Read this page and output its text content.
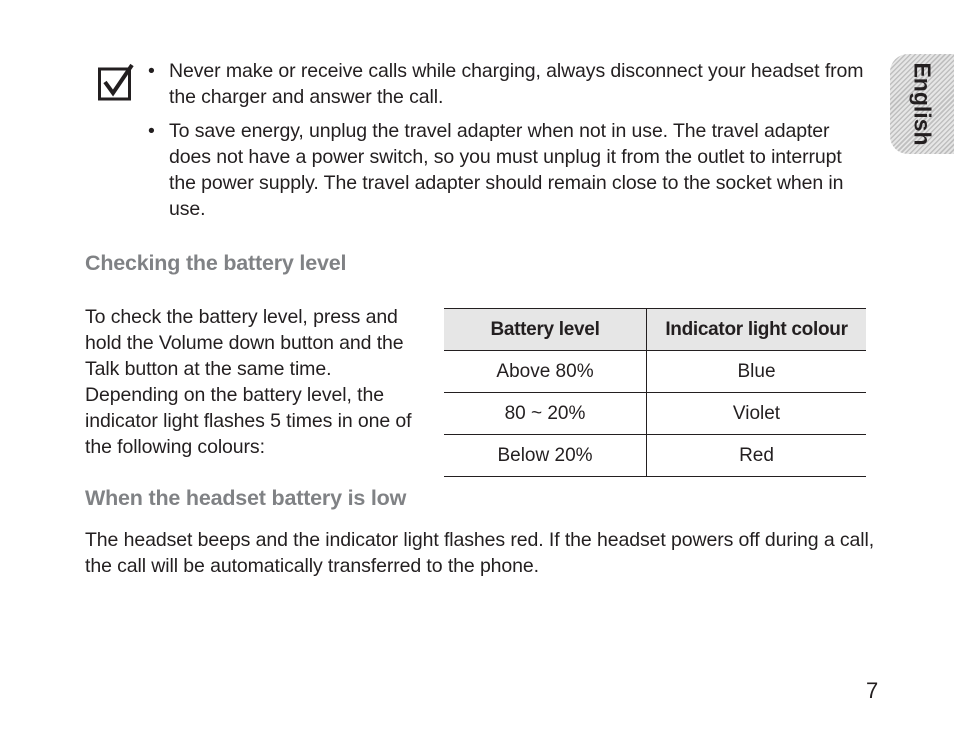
• Never make or receive calls while charging, always disconnect your headset from the charger and answer the call.
• To save energy, unplug the travel adapter when not in use. The travel adapter does not have a power switch, so you must unplug it from the outlet to interrupt the power supply. The travel adapter should remain close to the socket when in use.
English
Checking the battery level

To check the battery level, press and hold the Volume down button and the Talk button at the same time. Depending on the battery level, the indicator light flashes 5 times in one of the following colours:

Battery level	Indicator light colour
Above 80%	Blue
80 ~ 20%	Violet
Below 20%	Red
When the headset battery is low

The headset beeps and the indicator light flashes red. If the headset powers off during a call, the call will be automatically transferred to the phone.

7
